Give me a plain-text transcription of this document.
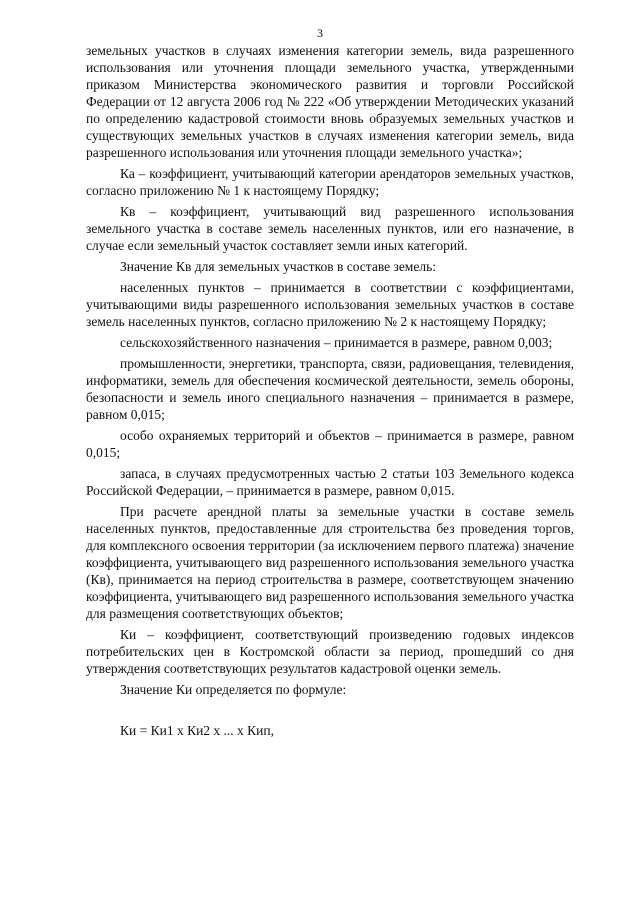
3

земельных участков в случаях изменения категории земель, вида разрешенного использования или уточнения площади земельного участка, утвержденными приказом Министерства экономического развития и торговли Российской Федерации от 12 августа 2006 год № 222 «Об утверждении Методических указаний по определению кадастровой стоимости вновь образуемых земельных участков и существующих земельных участков в случаях изменения категории земель, вида разрешенного использования или уточнения площади земельного участка»;

Ка – коэффициент, учитывающий категории арендаторов земельных участков, согласно приложению № 1 к настоящему Порядку;

Кв – коэффициент, учитывающий вид разрешенного использования земельного участка в составе земель населенных пунктов, или его назначение, в случае если земельный участок составляет земли иных категорий.

Значение Кв для земельных участков в составе земель:

населенных пунктов – принимается в соответствии с коэффициентами, учитывающими виды разрешенного использования земельных участков в составе земель населенных пунктов, согласно приложению № 2 к настоящему Порядку;

сельскохозяйственного назначения – принимается в размере, равном 0,003;

промышленности, энергетики, транспорта, связи, радиовещания, телевидения, информатики, земель для обеспечения космической деятельности, земель обороны, безопасности и земель иного специального назначения – принимается в размере, равном 0,015;

особо охраняемых территорий и объектов – принимается в размере, равном 0,015;

запаса, в случаях предусмотренных частью 2 статьи 103 Земельного кодекса Российской Федерации, – принимается в размере, равном 0,015.

При расчете арендной платы за земельные участки в составе земель населенных пунктов, предоставленные для строительства без проведения торгов, для комплексного освоения территории (за исключением первого платежа) значение коэффициента, учитывающего вид разрешенного использования земельного участка (Кв), принимается на период строительства в размере, соответствующем значению коэффициента, учитывающего вид разрешенного использования земельного участка для размещения соответствующих объектов;

Ки – коэффициент, соответствующий произведению годовых индексов потребительских цен в Костромской области за период, прошедший со дня утверждения соответствующих результатов кадастровой оценки земель.

Значение Ки определяется по формуле:

Ки = Ки1 х Ки2 х ... х Кип,
